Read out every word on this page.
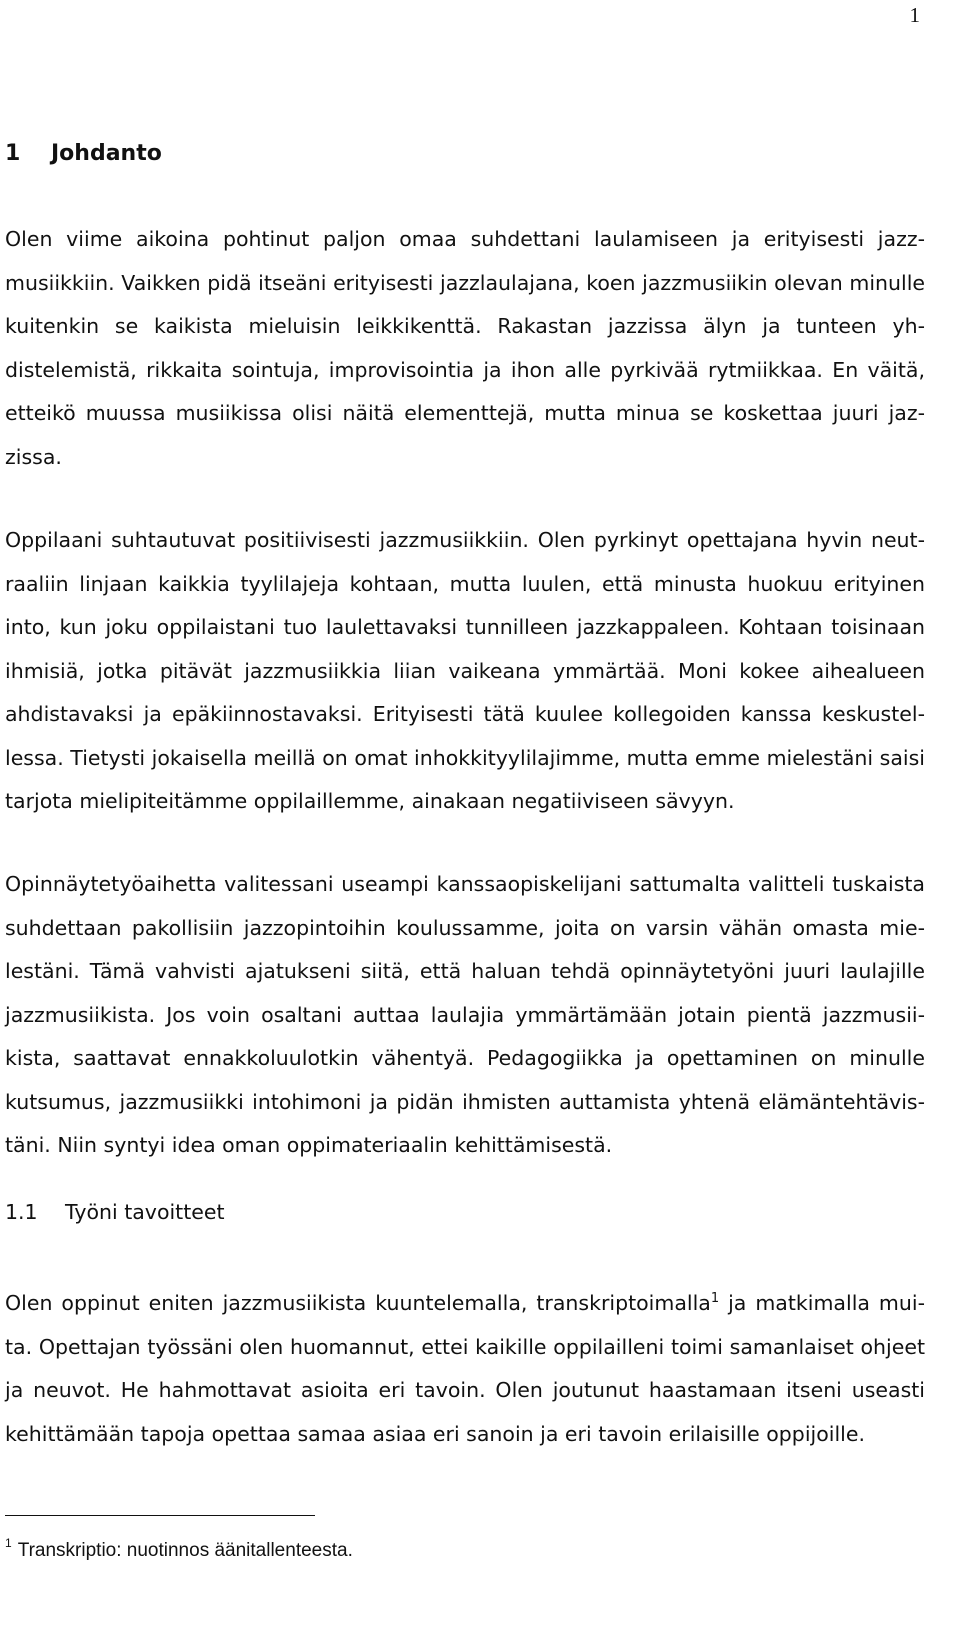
1
1 Johdanto

Olen viime aikoina pohtinut paljon omaa suhdettani laulamiseen ja erityisesti jazzmusiikkiin. Vaikken pidä itseäni erityisesti jazzlaulajana, koen jazzmusiikin olevan minulle kuitenkin se kaikista mieluisin leikkikenttä. Rakastan jazzissa älyn ja tunteen yhdistelemistä, rikkaita sointuja, improvisointia ja ihon alle pyrkivää rytmiikkaa. En väitä, etteikö muussa musiikissa olisi näitä elementtejä, mutta minua se koskettaa juuri jazzissa.

Oppilaani suhtautuvat positiivisesti jazzmusiikkiin. Olen pyrkinyt opettajana hyvin neutraaliin linjaan kaikkia tyylilajeja kohtaan, mutta luulen, että minusta huokuu erityinen into, kun joku oppilaistani tuo laulettavaksi tunnilleen jazzkappaleen. Kohtaan toisinaan ihmisiä, jotka pitävät jazzmusiikkia liian vaikeana ymmärtää. Moni kokee aihealueen ahdistavaksi ja epäkiinnostavaksi. Erityisesti tätä kuulee kollegoiden kanssa keskustellessa. Tietysti jokaisella meillä on omat inhokkityylilajimme, mutta emme mielestäni saisi tarjota mielipiteitämme oppilaillemme, ainakaan negatiiviseen sävyyn.

Opinnäytetyöaihetta valitessani useampi kanssaopiskelijani sattumalta valitteli tuskaista suhdettaan pakollisiin jazzopintoihin koulussamme, joita on varsin vähän omasta mielestäni. Tämä vahvisti ajatukseni siitä, että haluan tehdä opinnäytetyöni juuri laulajille jazzmusiikista. Jos voin osaltani auttaa laulajia ymmärtämään jotain pientä jazzmusiikista, saattavat ennakkoluulotkin vähentyä. Pedagogiikka ja opettaminen on minulle kutsumus, jazzmusiikki intohimoni ja pidän ihmisten auttamista yhtenä elämäntehtävistäni. Niin syntyi idea oman oppimateriaalin kehittämisestä.

1.1 Työni tavoitteet

Olen oppinut eniten jazzmusiikista kuuntelemalla, transkriptoimalla$^1$ ja matkimalla muita. Opettajan työssäni olen huomannut, ettei kaikille oppilailleni toimi samanlaiset ohjeet ja neuvot. He hahmottavat asioita eri tavoin. Olen joutunut haastamaan itseni useasti kehittämään tapoja opettaa samaa asiaa eri sanoin ja eri tavoin erilaisille oppijoille.

$^1$ Transkriptio: nuotinnos äänitallenteesta.
